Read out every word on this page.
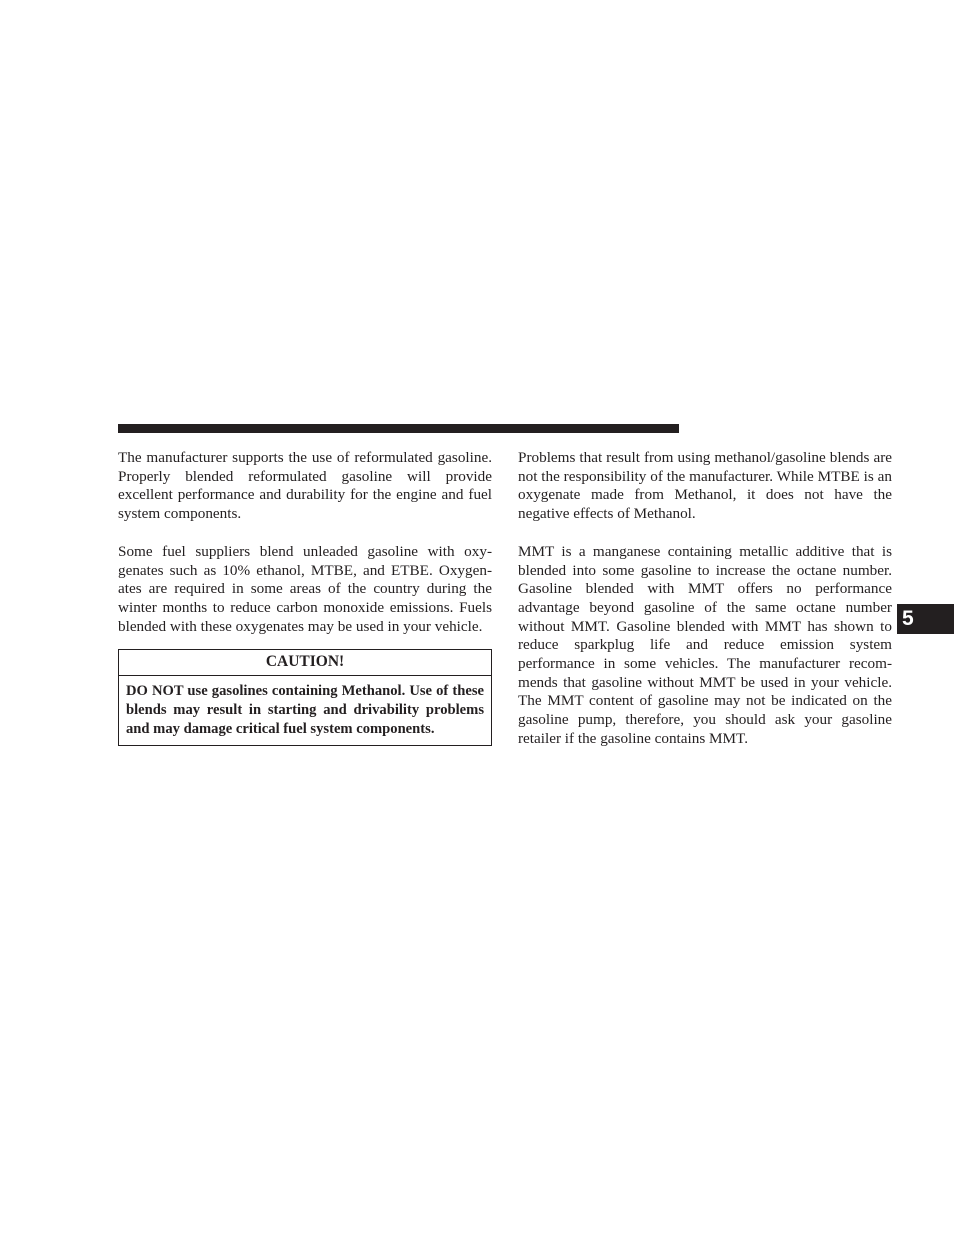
The manufacturer supports the use of reformulated gasoline. Properly blended reformulated gasoline will provide excellent performance and durability for the engine and fuel system components.

Some fuel suppliers blend unleaded gasoline with oxygenates such as 10% ethanol, MTBE, and ETBE. Oxygenates are required in some areas of the country during the winter months to reduce carbon monoxide emissions. Fuels blended with these oxygenates may be used in your vehicle.

CAUTION!
DO NOT use gasolines containing Methanol. Use of these blends may result in starting and drivability problems and may damage critical fuel system components.

Problems that result from using methanol/gasoline blends are not the responsibility of the manufacturer. While MTBE is an oxygenate made from Methanol, it does not have the negative effects of Methanol.

MMT is a manganese containing metallic additive that is blended into some gasoline to increase the octane number. Gasoline blended with MMT offers no performance advantage beyond gasoline of the same octane number without MMT. Gasoline blended with MMT has shown to reduce sparkplug life and reduce emission system performance in some vehicles. The manufacturer recommends that gasoline without MMT be used in your vehicle. The MMT content of gasoline may not be indicated on the gasoline pump, therefore, you should ask your gasoline retailer if the gasoline contains MMT.

5
